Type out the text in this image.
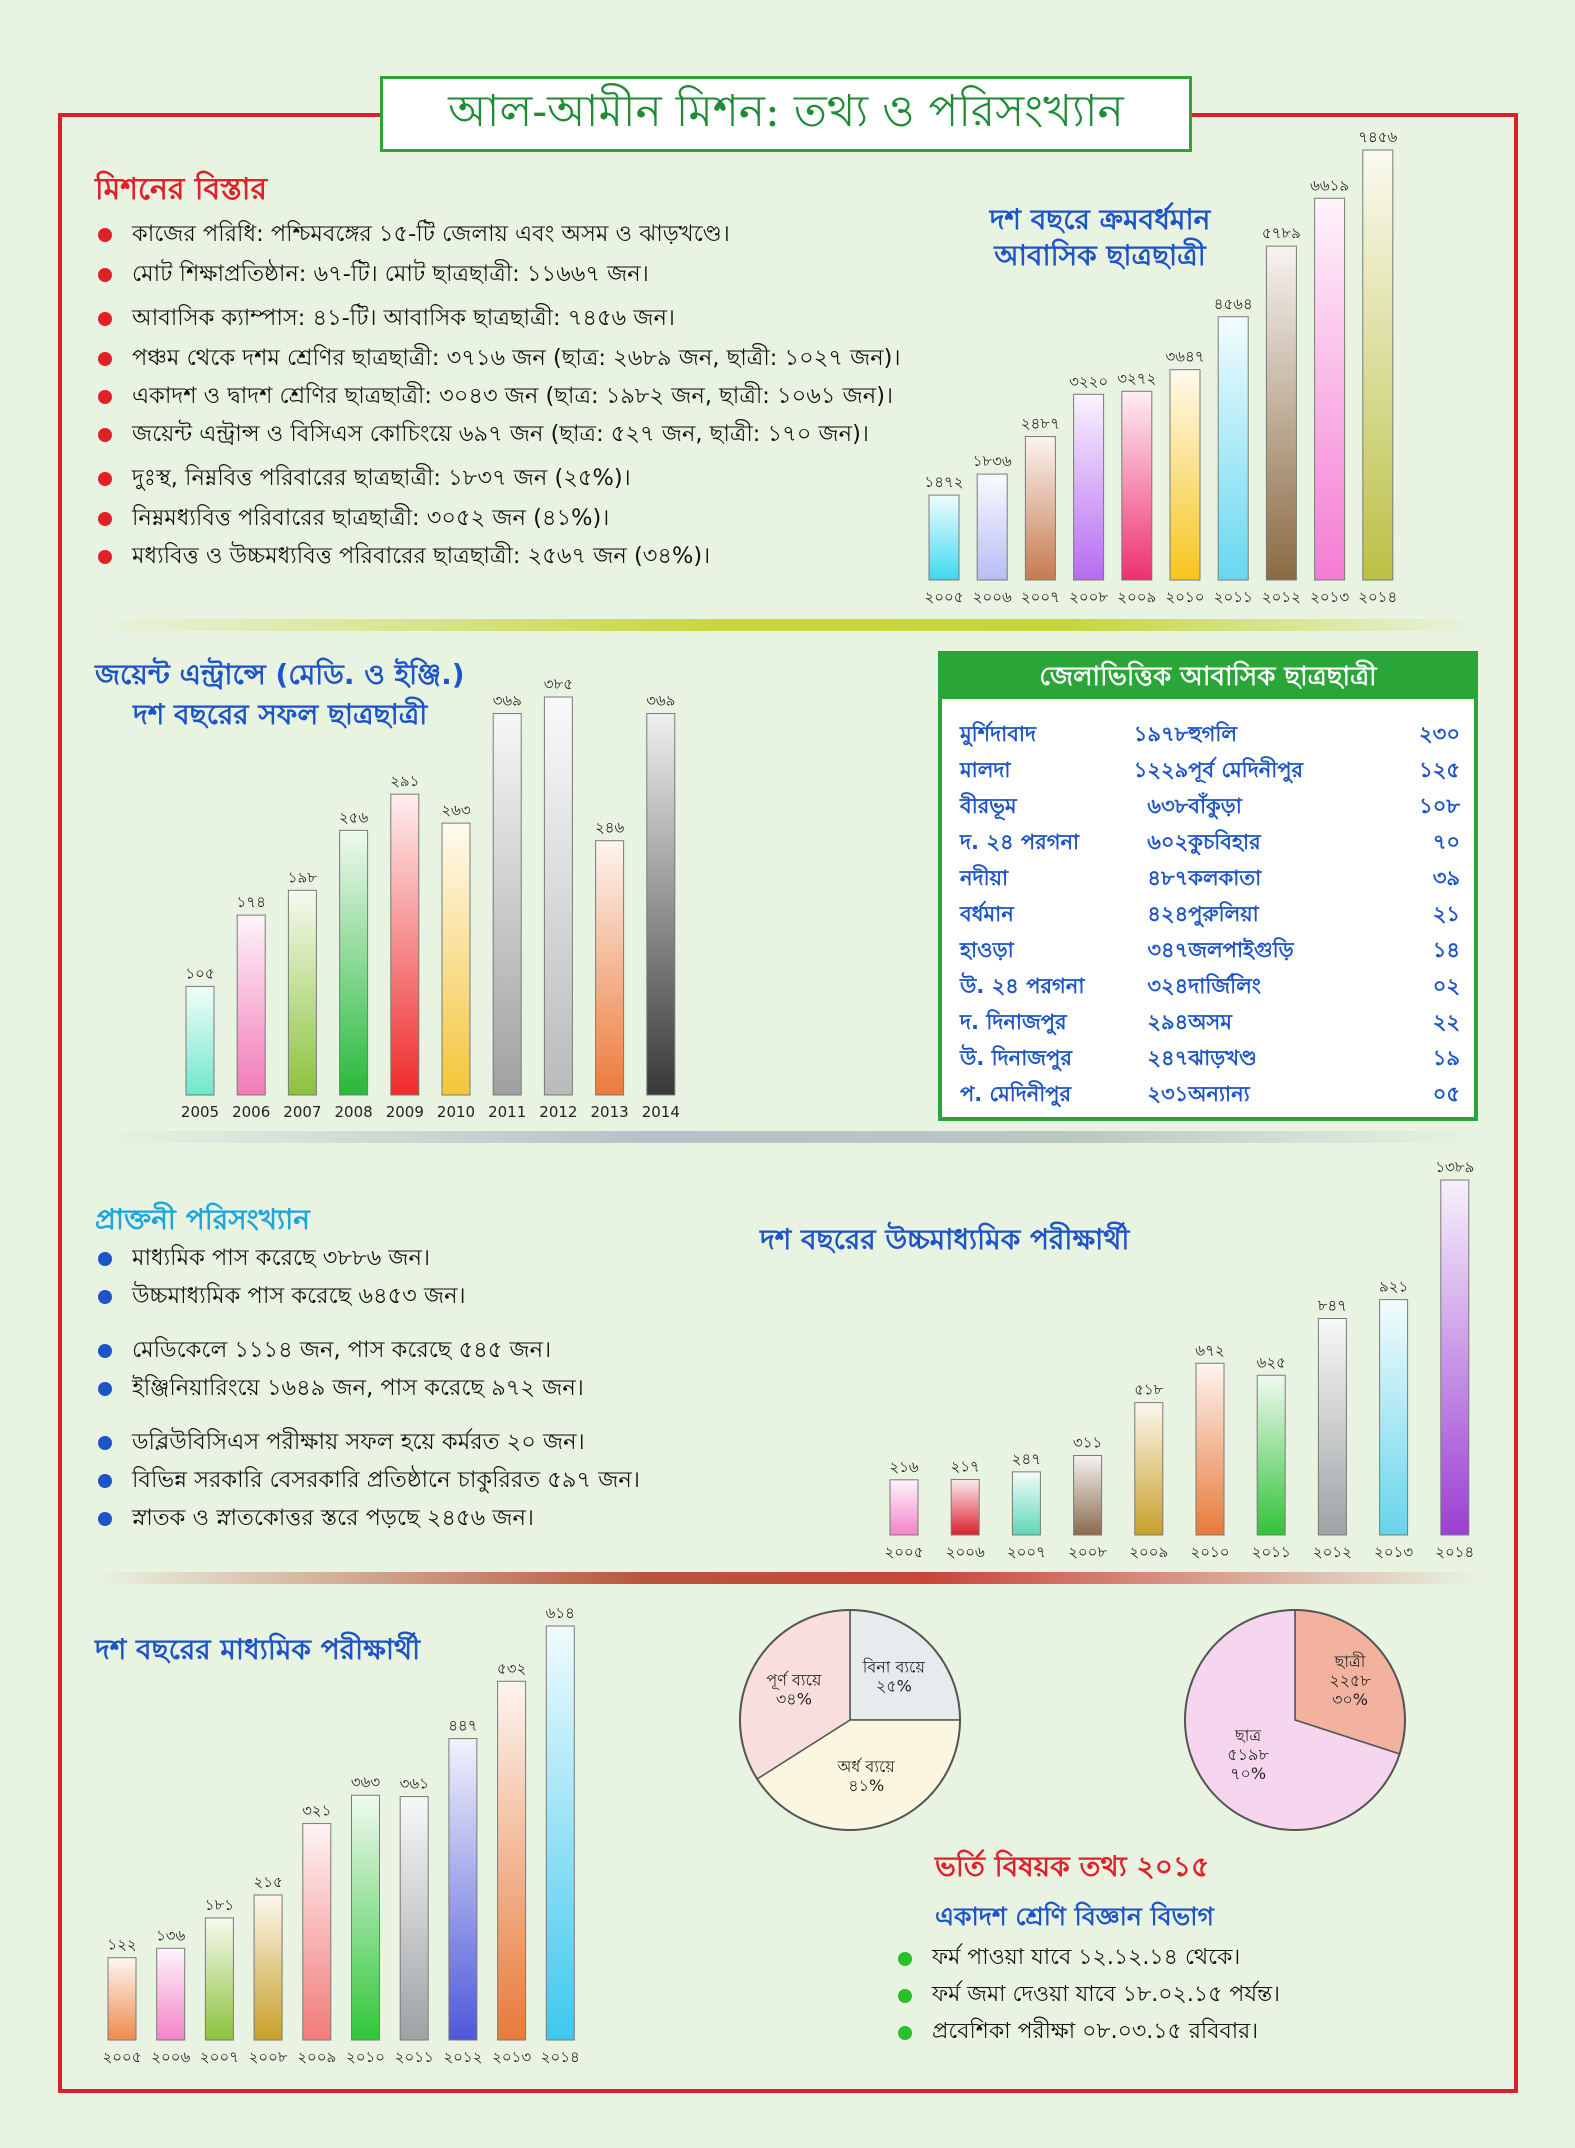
আল-আমীন মিশন: তথ্য ও পরিসংখ্যান
মিশনের বিস্তার
কাজের পরিধি: পশ্চিমবঙ্গের ১৫-টি জেলায় এবং অসম ও ঝাড়খণ্ডে।
মোট শিক্ষাপ্রতিষ্ঠান: ৬৭-টি। মোট ছাত্রছাত্রী: ১১৬৬৭ জন।
আবাসিক ক্যাম্পাস: ৪১-টি। আবাসিক ছাত্রছাত্রী: ৭৪৫৬ জন।
পঞ্চম থেকে দশম শ্রেণির ছাত্রছাত্রী: ৩৭১৬ জন (ছাত্র: ২৬৮৯ জন, ছাত্রী: ১০২৭ জন)।
একাদশ ও দ্বাদশ শ্রেণির ছাত্রছাত্রী: ৩০৪৩ জন (ছাত্র: ১৯৮২ জন, ছাত্রী: ১০৬১ জন)।
জয়েন্ট এন্ট্রান্স ও বিসিএস কোচিংয়ে ৬৯৭ জন (ছাত্র: ৫২৭ জন, ছাত্রী: ১৭০ জন)।
দুঃস্থ, নিম্নবিত্ত পরিবারের ছাত্রছাত্রী: ১৮৩৭ জন (২৫%)।
নিম্নমধ্যবিত্ত পরিবারের ছাত্রছাত্রী: ৩০৫২ জন (৪১%)।
মধ্যবিত্ত ও উচ্চমধ্যবিত্ত পরিবারের ছাত্রছাত্রী: ২৫৬৭ জন (৩৪%)।
দশ বছরে ক্রমবর্ধমান
আবাসিক ছাত্রছাত্রী
১৪৭২
২০০৫
১৮৩৬
২০০৬
২৪৮৭
২০০৭
৩২২০
২০০৮
৩২৭২
২০০৯
৩৬৪৭
২০১০
৪৫৬৪
২০১১
৫৭৮৯
২০১২
৬৬১৯
২০১৩
৭৪৫৬
২০১৪
জয়েন্ট এন্ট্রান্সে (মেডি. ও ইঞ্জি.)
দশ বছরের সফল ছাত্রছাত্রী
১০৫
2005
১৭৪
2006
১৯৮
2007
২৫৬
2008
২৯১
2009
২৬৩
2010
৩৬৯
2011
৩৮৫
2012
২৪৬
2013
৩৬৯
2014
জেলাভিত্তিক আবাসিক ছাত্রছাত্রী
মুর্শিদাবাদ	১৯৭৮	হুগলি	২৩০
মালদা	১২২৯	পূর্ব মেদিনীপুর	১২৫
বীরভূম	৬৩৮	বাঁকুড়া	১০৮
দ. ২৪ পরগনা	৬০২	কুচবিহার	৭০
নদীয়া	৪৮৭	কলকাতা	৩৯
বর্ধমান	৪২৪	পুরুলিয়া	২১
হাওড়া	৩৪৭	জলপাইগুড়ি	১৪
উ. ২৪ পরগনা	৩২৪	দার্জিলিং	০২
দ. দিনাজপুর	২৯৪	অসম	২২
উ. দিনাজপুর	২৪৭	ঝাড়খণ্ড	১৯
প. মেদিনীপুর	২৩১	অন্যান্য	০৫
প্রাক্তনী পরিসংখ্যান
মাধ্যমিক পাস করেছে ৩৮৮৬ জন।
উচ্চমাধ্যমিক পাস করেছে ৬৪৫৩ জন।
মেডিকেলে ১১১৪ জন, পাস করেছে ৫৪৫ জন।
ইঞ্জিনিয়ারিংয়ে ১৬৪৯ জন, পাস করেছে ৯৭২ জন।
ডব্লিউবিসিএস পরীক্ষায় সফল হয়ে কর্মরত ২০ জন।
বিভিন্ন সরকারি বেসরকারি প্রতিষ্ঠানে চাকুরিরত ৫৯৭ জন।
স্নাতক ও স্নাতকোত্তর স্তরে পড়ছে ২৪৫৬ জন।
দশ বছরের উচ্চমাধ্যমিক পরীক্ষার্থী
২১৬
২০০৫
২১৭
২০০৬
২৪৭
২০০৭
৩১১
২০০৮
৫১৮
২০০৯
৬৭২
২০১০
৬২৫
২০১১
৮৪৭
২০১২
৯২১
২০১৩
১৩৮৯
২০১৪
দশ বছরের মাধ্যমিক পরীক্ষার্থী
১২২
২০০৫
১৩৬
২০০৬
১৮১
২০০৭
২১৫
২০০৮
৩২১
২০০৯
৩৬৩
২০১০
৩৬১
২০১১
৪৪৭
২০১২
৫৩২
২০১৩
৬১৪
২০১৪
বিনা ব্যয়ে
২৫%
অর্ধ ব্যয়ে
৪১%
পূর্ণ ব্যয়ে
৩৪%
ছাত্রী
২২৫৮
৩০%
ছাত্র
৫১৯৮
৭০%
ভর্তি বিষয়ক তথ্য ২০১৫
একাদশ শ্রেণি বিজ্ঞান বিভাগ
ফর্ম পাওয়া যাবে ১২.১২.১৪ থেকে।
ফর্ম জমা দেওয়া যাবে ১৮.০২.১৫ পর্যন্ত।
প্রবেশিকা পরীক্ষা ০৮.০৩.১৫ রবিবার।
